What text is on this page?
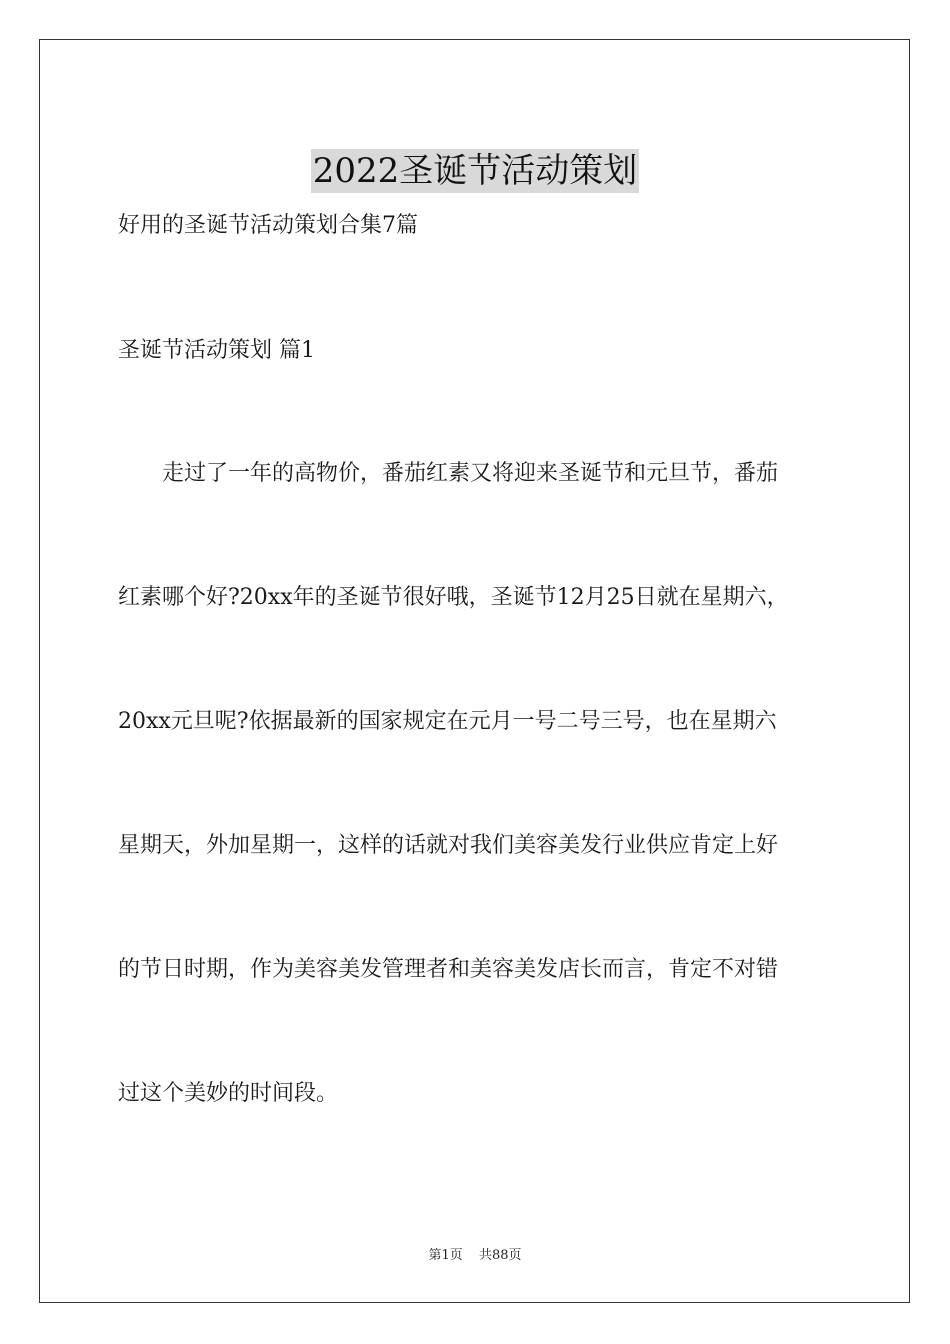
2022圣诞节活动策划
好用的圣诞节活动策划合集7篇
圣诞节活动策划 篇1
走过了一年的高物价，番茄红素又将迎来圣诞节和元旦节，番茄
红素哪个好?20xx年的圣诞节很好哦，圣诞节12月25日就在星期六，
20xx元旦呢?依据最新的国家规定在元月一号二号三号，也在星期六
星期天，外加星期一，这样的话就对我们美容美发行业供应肯定上好
的节日时期，作为美容美发管理者和美容美发店长而言，肯定不对错
过这个美妙的时间段。
第1页 共88页
